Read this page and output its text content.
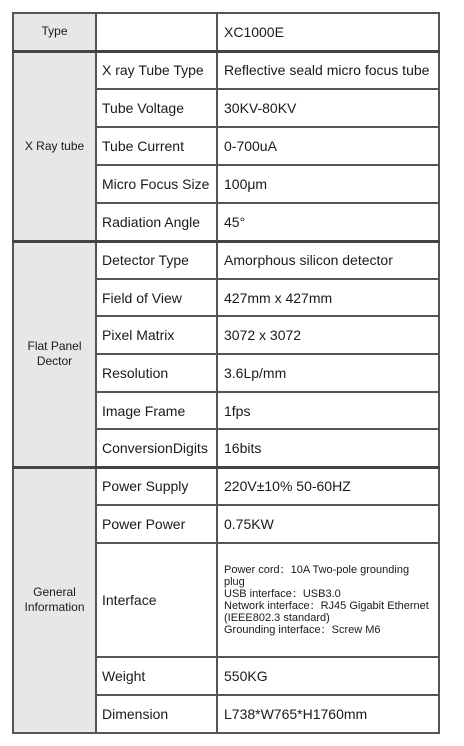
Type		XC1000E
X Ray tube	X ray Tube Type	Reflective seald micro focus tube
	Tube Voltage	30KV-80KV
	Tube Current	0-700uA
	Micro Focus Size	100μm
	Radiation Angle	45°
Flat Panel Dector	Detector Type	Amorphous silicon detector
	Field of View	427mm x 427mm
	Pixel Matrix	3072 x 3072
	Resolution	3.6Lp/mm
	Image Frame	1fps
	ConversionDigits	16bits
General Information	Power Supply	220V±10% 50-60HZ
	Power Power	0.75KW
	Interface	Power cord：10A Two-pole grounding plug
USB interface：USB3.0
Network interface：RJ45 Gigabit Ethernet (IEEE802.3 standard)
Grounding interface：Screw M6

	Weight	550KG
	Dimension	L738*W765*H1760mm
